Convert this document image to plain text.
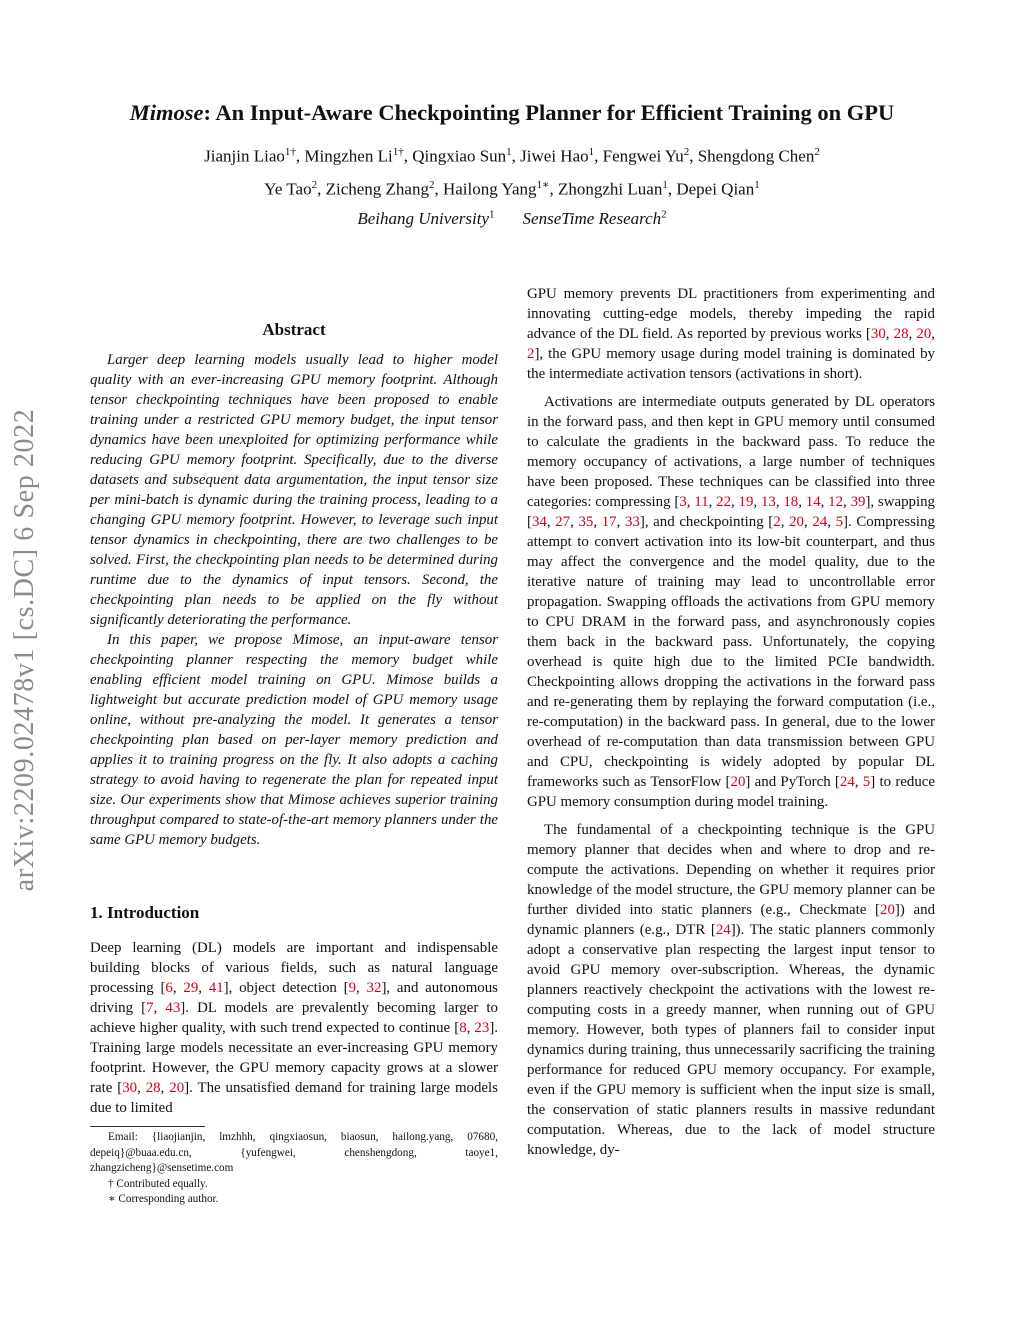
Mimose: An Input-Aware Checkpointing Planner for Efficient Training on GPU
Jianjin Liao$^{1\dagger}$, Mingzhen $Li^{1\dagger}$, Qingxiao Sun$^1$, Jiwei Hao$^1$, Fengwei Yu$^2$, Shengdong Chen$^2$
Ye Tao$^2$, Zicheng Zhang$^2$, Hailong Yang$^{1∗}$, Zhongzhi Luan$^1$, Depei Qian$^1$
Beihang University$^1$ SenseTime Research$^2$
arXiv:2209.02478v1 [cs.DC] 6 Sep 2022
Abstract

Larger deep learning models usually lead to higher model quality with an ever-increasing GPU memory footprint. Although tensor checkpointing techniques have been proposed to enable training under a restricted GPU memory budget, the input tensor dynamics have been unexploited for optimizing performance while reducing GPU memory footprint. Specifically, due to the diverse datasets and subsequent data argumentation, the input tensor size per mini-batch is dynamic during the training process, leading to a changing GPU memory footprint. However, to leverage such input tensor dynamics in checkpointing, there are two challenges to be solved. First, the checkpointing plan needs to be determined during runtime due to the dynamics of input tensors. Second, the checkpointing plan needs to be applied on the fly without significantly deteriorating the performance.

In this paper, we propose Mimose, an input-aware tensor checkpointing planner respecting the memory budget while enabling efficient model training on GPU. Mimose builds a lightweight but accurate prediction model of GPU memory usage online, without pre-analyzing the model. It generates a tensor checkpointing plan based on per-layer memory prediction and applies it to training progress on the fly. It also adopts a caching strategy to avoid having to regenerate the plan for repeated input size. Our experiments show that Mimose achieves superior training throughput compared to state-of-the-art memory planners under the same GPU memory budgets.

1. Introduction

Deep learning (DL) models are important and indispensable building blocks of various fields, such as natural language processing [6, 29, 41], object detection [9, 32], and autonomous driving [7, 43]. DL models are prevalently becoming larger to achieve higher quality, with such trend expected to continue [8, 23]. Training large models necessitate an ever-increasing GPU memory footprint. However, the GPU memory capacity grows at a slower rate [30, 28, 20]. The unsatisfied demand for training large models due to limited

Email: {liaojianjin, lmzhhh, qingxiaosun, biaosun, hailong.yang, 07680, depeiq}@buaa.edu.cn, {yufengwei, chenshengdong, taoye1, zhangzicheng}@sensetime.com
† Contributed equally.
∗ Corresponding author.

GPU memory prevents DL practitioners from experimenting and innovating cutting-edge models, thereby impeding the rapid advance of the DL field. As reported by previous works [30, 28, 20, 2], the GPU memory usage during model training is dominated by the intermediate activation tensors (activations in short).

Activations are intermediate outputs generated by DL operators in the forward pass, and then kept in GPU memory until consumed to calculate the gradients in the backward pass. To reduce the memory occupancy of activations, a large number of techniques have been proposed. These techniques can be classified into three categories: compressing [3, 11, 22, 19, 13, 18, 14, 12, 39], swapping [34, 27, 35, 17, 33], and checkpointing [2, 20, 24, 5]. Compressing attempt to convert activation into its low-bit counterpart, and thus may affect the convergence and the model quality, due to the iterative nature of training may lead to uncontrollable error propagation. Swapping offloads the activations from GPU memory to CPU DRAM in the forward pass, and asynchronously copies them back in the backward pass. Unfortunately, the copying overhead is quite high due to the limited PCIe bandwidth. Checkpointing allows dropping the activations in the forward pass and re-generating them by replaying the forward computation (i.e., re-computation) in the backward pass. In general, due to the lower overhead of re-computation than data transmission between GPU and CPU, checkpointing is widely adopted by popular DL frameworks such as TensorFlow [20] and PyTorch [24, 5] to reduce GPU memory consumption during model training.

The fundamental of a checkpointing technique is the GPU memory planner that decides when and where to drop and re-compute the activations. Depending on whether it requires prior knowledge of the model structure, the GPU memory planner can be further divided into static planners (e.g., Checkmate [20]) and dynamic planners (e.g., DTR [24]). The static planners commonly adopt a conservative plan respecting the largest input tensor to avoid GPU memory over-subscription. Whereas, the dynamic planners reactively checkpoint the activations with the lowest re-computing costs in a greedy manner, when running out of GPU memory. However, both types of planners fail to consider input dynamics during training, thus unnecessarily sacrificing the training performance for reduced GPU memory occupancy. For example, even if the GPU memory is sufficient when the input size is small, the conservation of static planners results in massive redundant computation. Whereas, due to the lack of model structure knowledge, dy-
